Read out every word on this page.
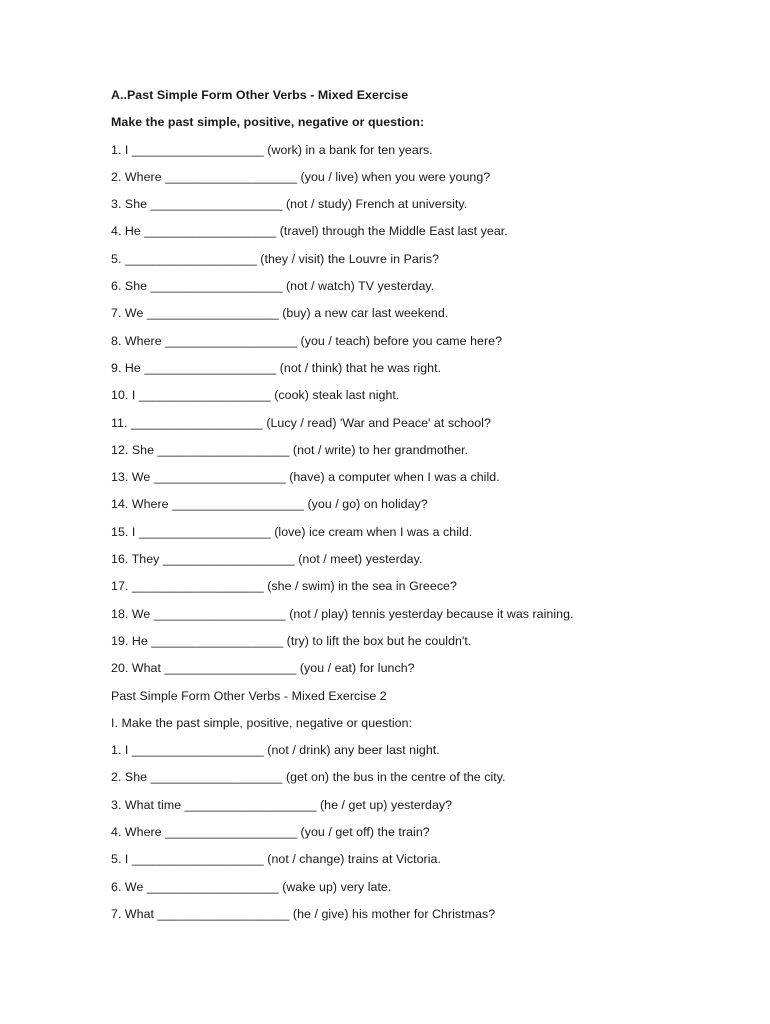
A..Past Simple Form Other Verbs - Mixed Exercise
Make the past simple, positive, negative or question:
1. I ___________________ (work) in a bank for ten years.
2. Where ___________________ (you / live) when you were young?
3. She ___________________ (not / study) French at university.
4. He ___________________ (travel) through the Middle East last year.
5. ___________________ (they / visit) the Louvre in Paris?
6. She ___________________ (not / watch) TV yesterday.
7. We ___________________ (buy) a new car last weekend.
8. Where ___________________ (you / teach) before you came here?
9. He ___________________ (not / think) that he was right.
10. I ___________________ (cook) steak last night.
11. ___________________ (Lucy / read) 'War and Peace' at school?
12. She ___________________ (not / write) to her grandmother.
13. We ___________________ (have) a computer when I was a child.
14. Where ___________________ (you / go) on holiday?
15. I ___________________ (love) ice cream when I was a child.
16. They ___________________ (not / meet) yesterday.
17. ___________________ (she / swim) in the sea in Greece?
18. We ___________________ (not / play) tennis yesterday because it was raining.
19. He ___________________ (try) to lift the box but he couldn't.
20. What ___________________ (you / eat) for lunch?
Past Simple Form Other Verbs - Mixed Exercise 2
I. Make the past simple, positive, negative or question:
1. I ___________________ (not / drink) any beer last night.
2. She ___________________ (get on) the bus in the centre of the city.
3. What time ___________________ (he / get up) yesterday?
4. Where ___________________ (you / get off) the train?
5. I ___________________ (not / change) trains at Victoria.
6. We ___________________ (wake up) very late.
7. What ___________________ (he / give) his mother for Christmas?
